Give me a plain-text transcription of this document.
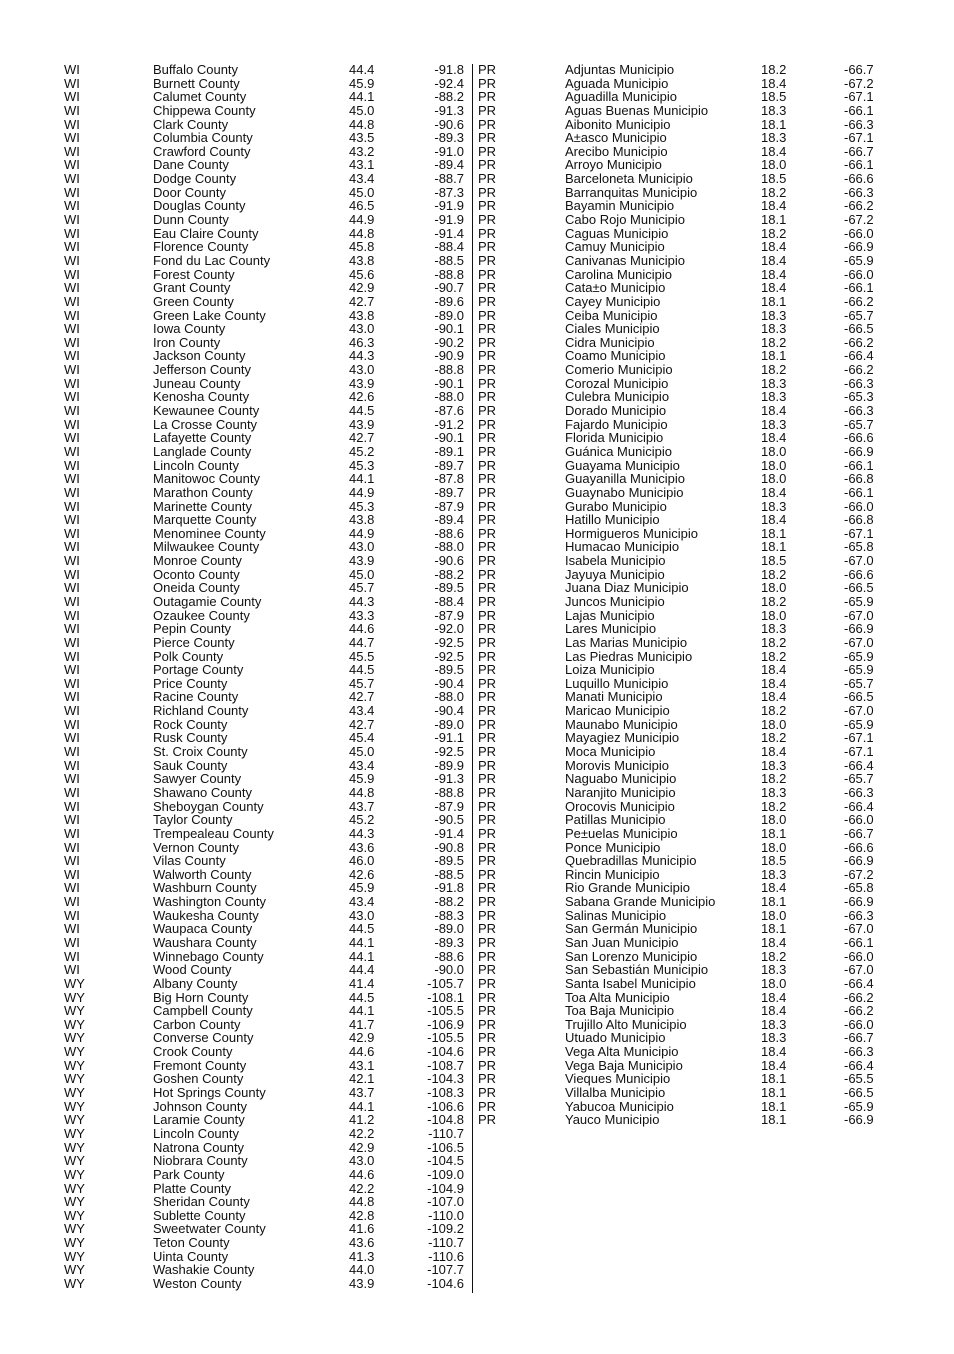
WI	Buffalo County	44.4	-91.8
WI	Burnett County	45.9	-92.4
WI	Calumet County	44.1	-88.2
WI	Chippewa County	45.0	-91.3
WI	Clark County	44.8	-90.6
WI	Columbia County	43.5	-89.3
WI	Crawford County	43.2	-91.0
WI	Dane County	43.1	-89.4
WI	Dodge County	43.4	-88.7
WI	Door County	45.0	-87.3
WI	Douglas County	46.5	-91.9
WI	Dunn County	44.9	-91.9
WI	Eau Claire County	44.8	-91.4
WI	Florence County	45.8	-88.4
WI	Fond du Lac County	43.8	-88.5
WI	Forest County	45.6	-88.8
WI	Grant County	42.9	-90.7
WI	Green County	42.7	-89.6
WI	Green Lake County	43.8	-89.0
WI	Iowa County	43.0	-90.1
WI	Iron County	46.3	-90.2
WI	Jackson County	44.3	-90.9
WI	Jefferson County	43.0	-88.8
WI	Juneau County	43.9	-90.1
WI	Kenosha County	42.6	-88.0
WI	Kewaunee County	44.5	-87.6
WI	La Crosse County	43.9	-91.2
WI	Lafayette County	42.7	-90.1
WI	Langlade County	45.2	-89.1
WI	Lincoln County	45.3	-89.7
WI	Manitowoc County	44.1	-87.8
WI	Marathon County	44.9	-89.7
WI	Marinette County	45.3	-87.9
WI	Marquette County	43.8	-89.4
WI	Menominee County	44.9	-88.6
WI	Milwaukee County	43.0	-88.0
WI	Monroe County	43.9	-90.6
WI	Oconto County	45.0	-88.2
WI	Oneida County	45.7	-89.5
WI	Outagamie County	44.3	-88.4
WI	Ozaukee County	43.3	-87.9
WI	Pepin County	44.6	-92.0
WI	Pierce County	44.7	-92.5
WI	Polk County	45.5	-92.5
WI	Portage County	44.5	-89.5
WI	Price County	45.7	-90.4
WI	Racine County	42.7	-88.0
WI	Richland County	43.4	-90.4
WI	Rock County	42.7	-89.0
WI	Rusk County	45.4	-91.1
WI	St. Croix County	45.0	-92.5
WI	Sauk County	43.4	-89.9
WI	Sawyer County	45.9	-91.3
WI	Shawano County	44.8	-88.8
WI	Sheboygan County	43.7	-87.9
WI	Taylor County	45.2	-90.5
WI	Trempealeau County	44.3	-91.4
WI	Vernon County	43.6	-90.8
WI	Vilas County	46.0	-89.5
WI	Walworth County	42.6	-88.5
WI	Washburn County	45.9	-91.8
WI	Washington County	43.4	-88.2
WI	Waukesha County	43.0	-88.3
WI	Waupaca County	44.5	-89.0
WI	Waushara County	44.1	-89.3
WI	Winnebago County	44.1	-88.6
WI	Wood County	44.4	-90.0
WY	Albany County	41.4	-105.7
WY	Big Horn County	44.5	-108.1
WY	Campbell County	44.1	-105.5
WY	Carbon County	41.7	-106.9
WY	Converse County	42.9	-105.5
WY	Crook County	44.6	-104.6
WY	Fremont County	43.1	-108.7
WY	Goshen County	42.1	-104.3
WY	Hot Springs County	43.7	-108.3
WY	Johnson County	44.1	-106.6
WY	Laramie County	41.2	-104.8
WY	Lincoln County	42.2	-110.7
WY	Natrona County	42.9	-106.5
WY	Niobrara County	43.0	-104.5
WY	Park County	44.6	-109.0
WY	Platte County	42.2	-104.9
WY	Sheridan County	44.8	-107.0
WY	Sublette County	42.8	-110.0
WY	Sweetwater County	41.6	-109.2
WY	Teton County	43.6	-110.7
WY	Uinta County	41.3	-110.6
WY	Washakie County	44.0	-107.7
WY	Weston County	43.9	-104.6
PR	Adjuntas Municipio	18.2	-66.7
PR	Aguada Municipio	18.4	-67.2
PR	Aguadilla Municipio	18.5	-67.1
PR	Aguas Buenas Municipio	18.3	-66.1
PR	Aibonito Municipio	18.1	-66.3
PR	A±asco Municipio	18.3	-67.1
PR	Arecibo Municipio	18.4	-66.7
PR	Arroyo Municipio	18.0	-66.1
PR	Barceloneta Municipio	18.5	-66.6
PR	Barranquitas Municipio	18.2	-66.3
PR	Bayamin Municipio	18.4	-66.2
PR	Cabo Rojo Municipio	18.1	-67.2
PR	Caguas Municipio	18.2	-66.0
PR	Camuy Municipio	18.4	-66.9
PR	Canivanas Municipio	18.4	-65.9
PR	Carolina Municipio	18.4	-66.0
PR	Cata±o Municipio	18.4	-66.1
PR	Cayey Municipio	18.1	-66.2
PR	Ceiba Municipio	18.3	-65.7
PR	Ciales Municipio	18.3	-66.5
PR	Cidra Municipio	18.2	-66.2
PR	Coamo Municipio	18.1	-66.4
PR	Comerio Municipio	18.2	-66.2
PR	Corozal Municipio	18.3	-66.3
PR	Culebra Municipio	18.3	-65.3
PR	Dorado Municipio	18.4	-66.3
PR	Fajardo Municipio	18.3	-65.7
PR	Florida Municipio	18.4	-66.6
PR	Guánica Municipio	18.0	-66.9
PR	Guayama Municipio	18.0	-66.1
PR	Guayanilla Municipio	18.0	-66.8
PR	Guaynabo Municipio	18.4	-66.1
PR	Gurabo Municipio	18.3	-66.0
PR	Hatillo Municipio	18.4	-66.8
PR	Hormigueros Municipio	18.1	-67.1
PR	Humacao Municipio	18.1	-65.8
PR	Isabela Municipio	18.5	-67.0
PR	Jayuya Municipio	18.2	-66.6
PR	Juana Diaz Municipio	18.0	-66.5
PR	Juncos Municipio	18.2	-65.9
PR	Lajas Municipio	18.0	-67.0
PR	Lares Municipio	18.3	-66.9
PR	Las Marias Municipio	18.2	-67.0
PR	Las Piedras Municipio	18.2	-65.9
PR	Loiza Municipio	18.4	-65.9
PR	Luquillo Municipio	18.4	-65.7
PR	Manati Municipio	18.4	-66.5
PR	Maricao Municipio	18.2	-67.0
PR	Maunabo Municipio	18.0	-65.9
PR	Mayagiez Municipio	18.2	-67.1
PR	Moca Municipio	18.4	-67.1
PR	Morovis Municipio	18.3	-66.4
PR	Naguabo Municipio	18.2	-65.7
PR	Naranjito Municipio	18.3	-66.3
PR	Orocovis Municipio	18.2	-66.4
PR	Patillas Municipio	18.0	-66.0
PR	Pe±uelas Municipio	18.1	-66.7
PR	Ponce Municipio	18.0	-66.6
PR	Quebradillas Municipio	18.5	-66.9
PR	Rincin Municipio	18.3	-67.2
PR	Rio Grande Municipio	18.4	-65.8
PR	Sabana Grande Municipio	18.1	-66.9
PR	Salinas Municipio	18.0	-66.3
PR	San Germán Municipio	18.1	-67.0
PR	San Juan Municipio	18.4	-66.1
PR	San Lorenzo Municipio	18.2	-66.0
PR	San Sebastián Municipio	18.3	-67.0
PR	Santa Isabel Municipio	18.0	-66.4
PR	Toa Alta Municipio	18.4	-66.2
PR	Toa Baja Municipio	18.4	-66.2
PR	Trujillo Alto Municipio	18.3	-66.0
PR	Utuado Municipio	18.3	-66.7
PR	Vega Alta Municipio	18.4	-66.3
PR	Vega Baja Municipio	18.4	-66.4
PR	Vieques Municipio	18.1	-65.5
PR	Villalba Municipio	18.1	-66.5
PR	Yabucoa Municipio	18.1	-65.9
PR	Yauco Municipio	18.1	-66.9
